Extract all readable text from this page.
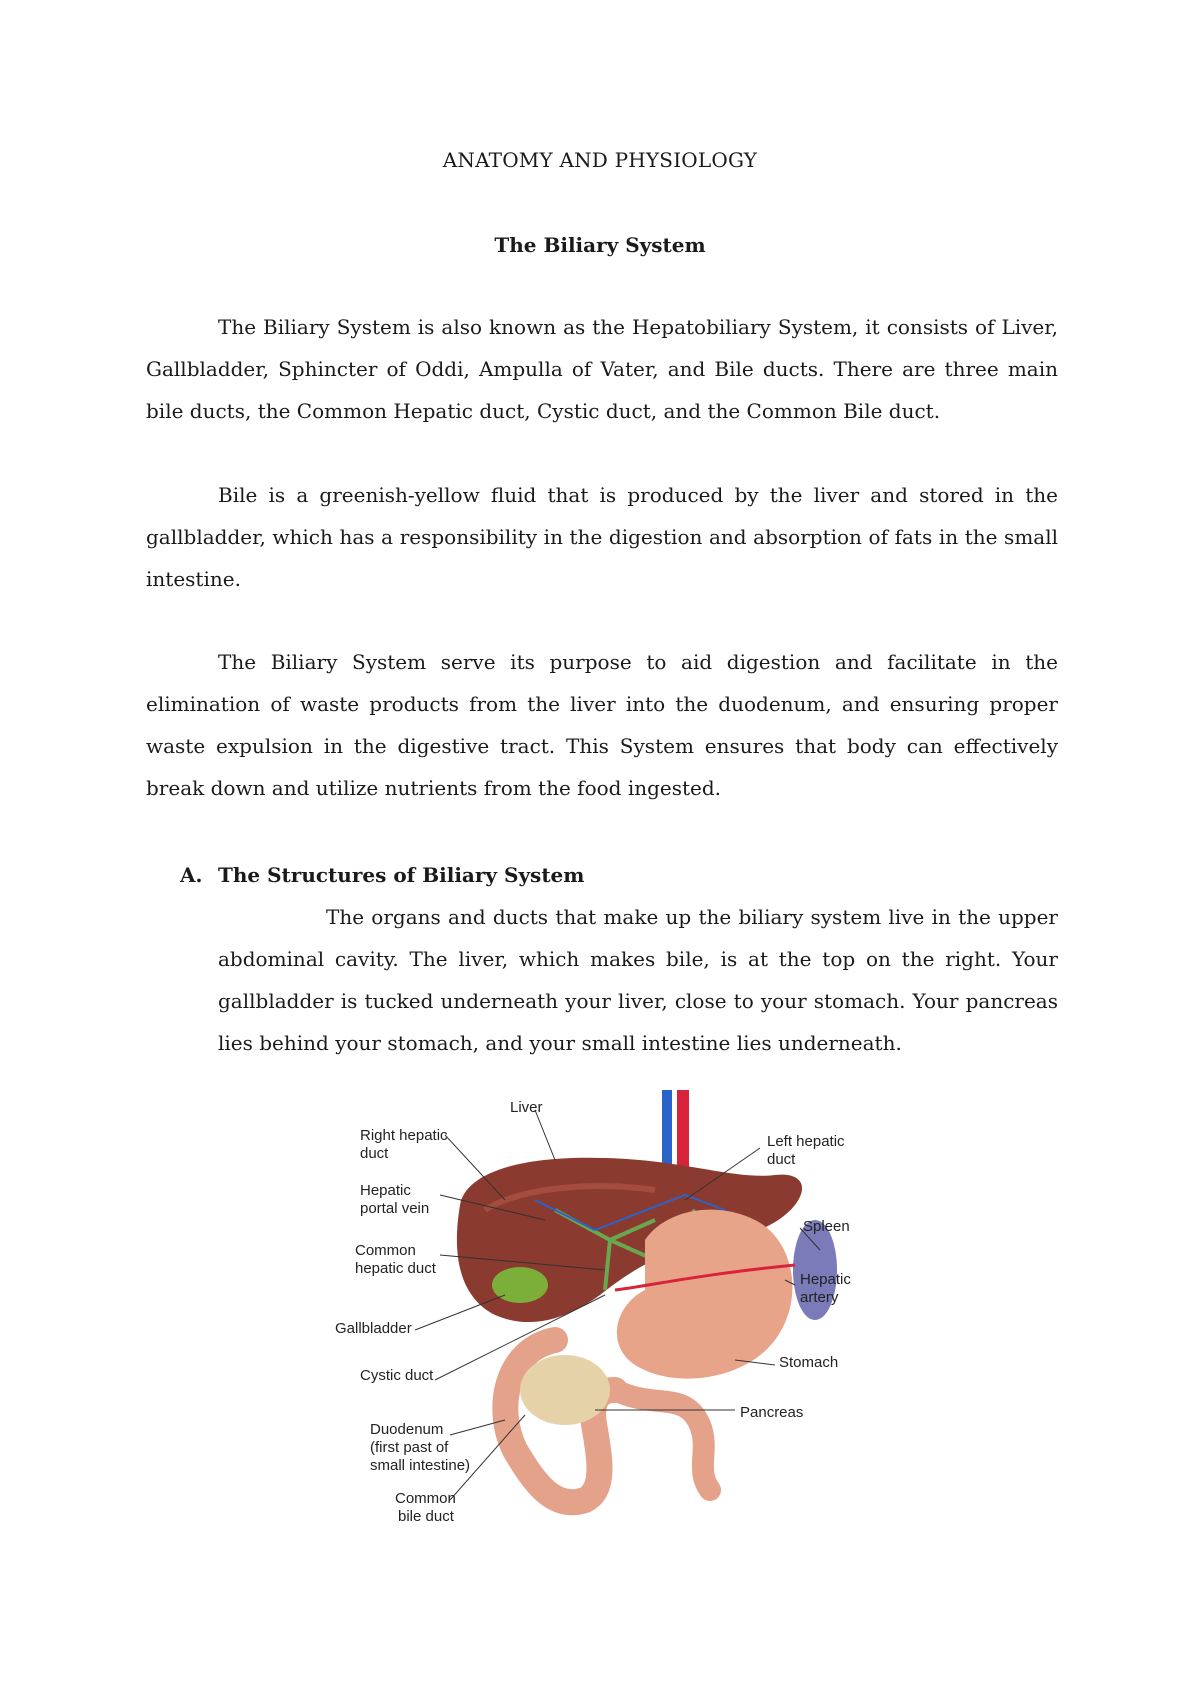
ANATOMY AND PHYSIOLOGY
The Biliary System

The Biliary System is also known as the Hepatobiliary System, it consists of Liver, Gallbladder, Sphincter of Oddi, Ampulla of Vater, and Bile ducts. There are three main bile ducts, the Common Hepatic duct, Cystic duct, and the Common Bile duct.

Bile is a greenish-yellow fluid that is produced by the liver and stored in the gallbladder, which has a responsibility in the digestion and absorption of fats in the small intestine.

The Biliary System serve its purpose to aid digestion and facilitate in the elimination of waste products from the liver into the duodenum, and ensuring proper waste expulsion in the digestive tract. This System ensures that body can effectively break down and utilize nutrients from the food ingested.

A. The Structures of Biliary System

The organs and ducts that make up the biliary system live in the upper abdominal cavity. The liver, which makes bile, is at the top on the right. Your gallbladder is tucked underneath your liver, close to your stomach. Your pancreas lies behind your stomach, and your small intestine lies underneath.

Liver
Right hepatic
duct
Hepatic
portal vein
Common
hepatic duct
Gallbladder
Cystic duct
Duodenum
(first past of
small intestine)
Common
bile duct
Left hepatic
duct
Spleen
Hepatic
artery
Stomach
Pancreas
